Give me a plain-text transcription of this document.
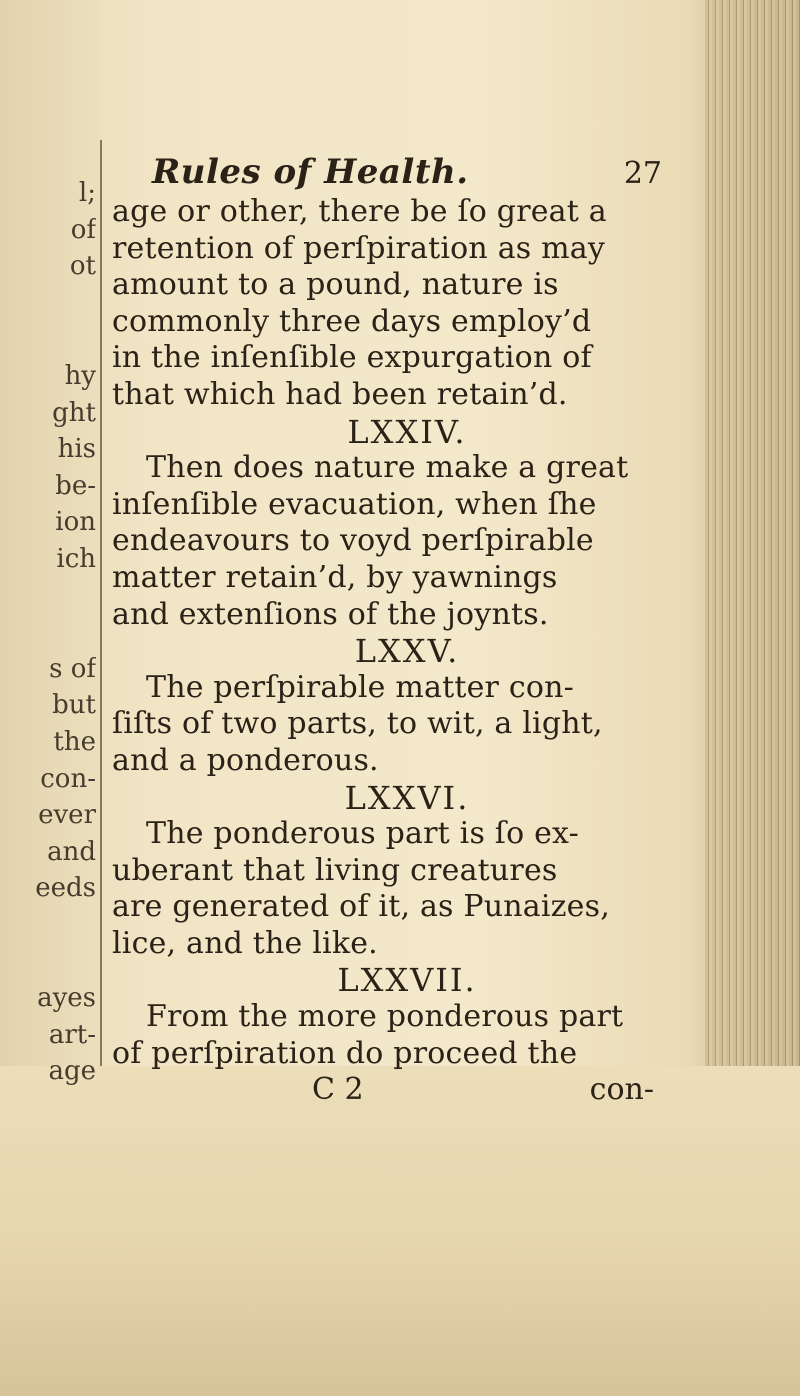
l;
of
ot
hy
ght
his
be-
ion
ich
s of
but
the
con-
ever
and
eeds
ayes
art-
age
Rules of Health.	27
age or other, there be ſo great a
retention of perſpiration as may
amount to a pound, nature is
commonly three days employ’d
in the inſenſible expurgation of
that which had been retain’d.
LXXIV.
Then does nature make a great
inſenſible evacuation, when ſhe
endeavours to voyd perſpirable
matter retain’d, by yawnings
and extenſions of the joynts.
LXXV.
The perſpirable matter con-
ſiſts of two parts, to wit, a light,
and a ponderous.
LXXVI.
The ponderous part is ſo ex-
uberant that living creatures
are generated of it, as Punaizes,
lice, and the like.
LXXVII.
From the more ponderous part
of perſpiration do proceed the
C 2	con-
